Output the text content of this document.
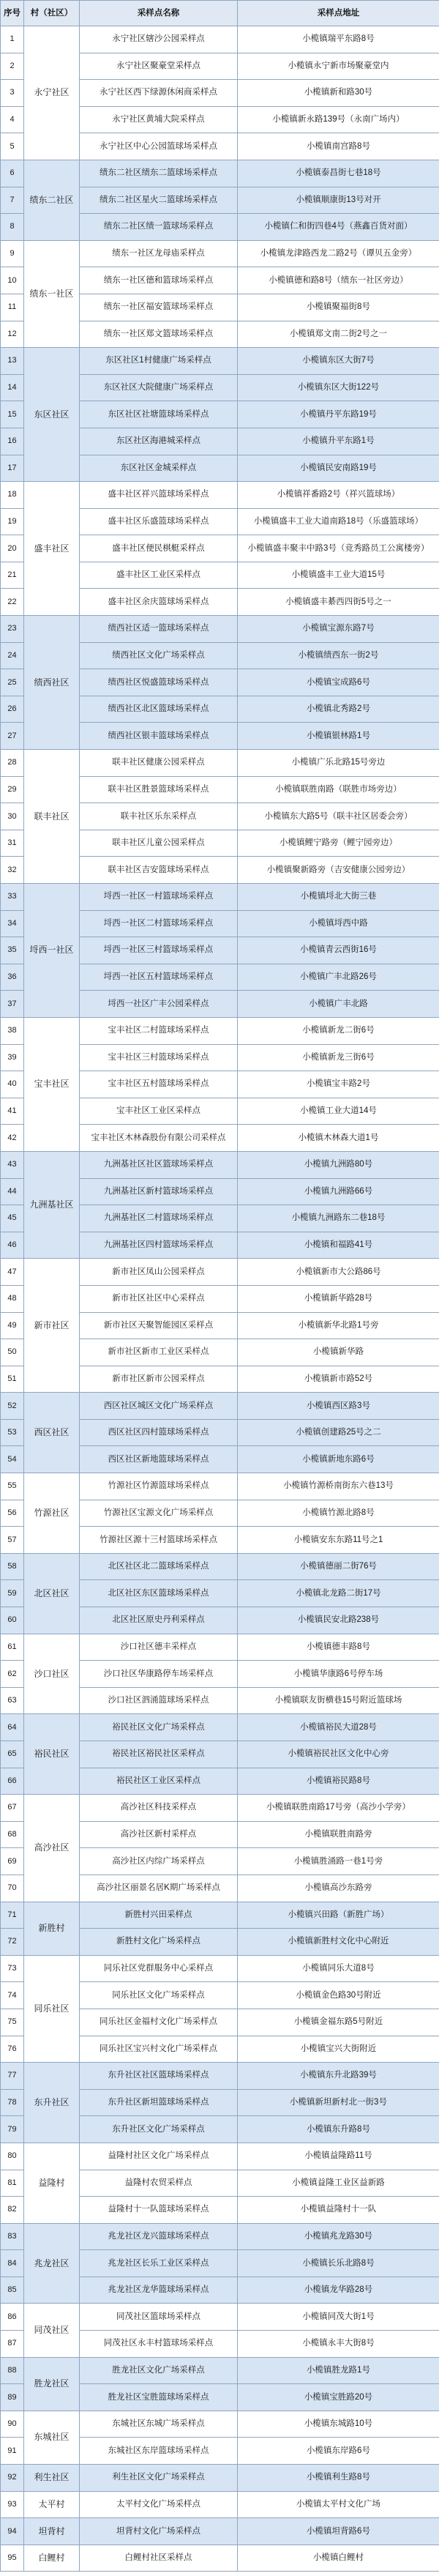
序号	村（社区）	采样点名称	采样点地址
1	永宁社区	永宁社区辖沙公园采样点	小榄镇瑞平东路8号
2		永宁社区聚豪堂采样点	小榄镇永宁新市场聚豪堂内
3		永宁社区西下绿源休闲商采样点	小榄镇新和路30号
4		永宁社区黄埔大院采样点	小榄镇新永路139号（永南广场内）
5		永宁社区中心公园篮球场采样点	小榄镇南宫路8号
6	绩东二社区	绩东二社区绩东二篮球场采样点	小榄镇泰昌街七巷18号
7		绩东二社区星火二篮球场采样点	小榄镇顺康街13号对开
8		绩东二社区绩一篮球场采样点	小榄镇仁和街四巷4号（燕鑫百货对面）
9	绩东一社区	绩东一社区龙母庙采样点	小榄镇龙津路西龙二路2号（谭贝五金旁）
10		绩东一社区德和篮球场采样点	小榄镇德和路8号（绩东一社区旁边）
11		绩东一社区福安篮球场采样点	小榄镇聚福街8号
12		绩东一社区郑文篮球场采样点	小榄镇郑文南二街2号之一
13	东区社区	东区社区1村健康广场采样点	小榄镇东区大街7号
14		东区社区大院健康广场采样点	小榄镇东区大街122号
15		东区社区社塘篮球场采样点	小榄镇丹平东路19号
16		东区社区海港城采样点	小榄镇升平东路1号
17		东区社区金城采样点	小榄镇民安南路19号
18	盛丰社区	盛丰社区祥兴篮球场采样点	小榄镇祥番路2号（祥兴篮球场）
19		盛丰社区乐盛篮球场采样点	小榄镇盛丰工业大道南路18号（乐盛篮球场）
20		盛丰社区便民棋艇采样点	小榄镇盛丰聚丰中路3号（竞秀路员工公寓楼旁）
21		盛丰社区工业区采样点	小榄镇盛丰工业大道15号
22		盛丰社区余庆篮球场采样点	小榄镇盛丰綦西四街5号之一
23	绩西社区	绩西社区适一篮球场采样点	小榄镇宝源东路7号
24		绩西社区文化广场采样点	小榄镇绩西东一街2号
25		绩西社区悦盛篮球场采样点	小榄镇宝成路6号
26		绩西社区北区篮球场采样点	小榄镇北秀路2号
27		绩西社区银丰篮球场采样点	小榄镇银林路1号
28	联丰社区	联丰社区健康公园采样点	小榄镇广乐北路15号旁边
29		联丰社区胜景篮球场采样点	小榄镇联胜南路（联胜市场旁边）
30		联丰社区乐东采样点	小榄镇东大路5号（联丰社区居委会旁）
31		联丰社区儿童公园采样点	小榄镇鲤宁路旁（鲤宁园旁边）
32		联丰社区吉安篮球场采样点	小榄镇聚新路旁（吉安健康公园旁边）
33	埒西一社区	埒西一社区一村篮球场采样点	小榄镇埒北大街三巷
34		埒西一社区二村篮球场采样点	小榄镇埒西中路
35		埒西一社区三村篮球场采样点	小榄镇青云西街16号
36		埒西一社区五村篮球场采样点	小榄镇广丰北路26号
37		埒西一社区广丰公园采样点	小榄镇广丰北路
38	宝丰社区	宝丰社区二村篮球场采样点	小榄镇新龙二街6号
39		宝丰社区三村篮球场采样点	小榄镇新龙三街6号
40		宝丰社区五村篮球场采样点	小榄镇宝丰路2号
41		宝丰社区工业区采样点	小榄镇工业大道14号
42		宝丰社区木林森股份有限公司采样点	小榄镇木林森大道1号
43	九洲基社区	九洲基社区社区篮球场采样点	小榄镇九洲路80号
44		九洲基社区新村篮球场采样点	小榄镇九洲路66号
45		九洲基社区二村篮球场采样点	小榄镇九洲路东二巷18号
46		九洲基社区四村篮球场采样点	小榄镇和福路41号
47	新市社区	新市社区凤山公园采样点	小榄镇新市大公路86号
48		新市社区社区中心采样点	小榄镇新华路28号
49		新市社区天聚智能园区采样点	小榄镇新华北路1号旁
50		新市社区新市工业区采样点	小榄镇新华路
51		新市社区新市公园采样点	小榄镇新市路52号
52	西区社区	西区社区城区文化广场采样点	小榄镇西区路3号
53		西区社区四村篮球场采样点	小榄镇创建路25号之二
54		西区社区新地篮球场采样点	小榄镇新地东路6号
55	竹源社区	竹源社区竹源篮球场采样点	小榄镇竹源桥南街东六巷13号
56		竹源社区宝源文化广场采样点	小榄镇竹源北路8号
57		竹源社区源十三村篮球场采样点	小榄镇安东东路11号之1
58	北区社区	北区社区北二篮球场采样点	小榄镇德丽二街76号
59		北区社区东区篮球场采样点	小榄镇北龙路二街17号
60		北区社区原史丹利采样点	小榄镇民安北路238号
61	沙口社区	沙口社区德丰采样点	小榄镇德丰路8号
62		沙口社区华康路停车场采样点	小榄镇华康路6号停车场
63		沙口社区泗涌篮球场采样点	小榄镇联友街横巷15号附近篮球场
64	裕民社区	裕民社区文化广场采样点	小榄镇裕民大道28号
65		裕民社区裕民社区采样点	小榄镇裕民社区文化中心旁
66		裕民社区工业区采样点	小榄镇裕民路8号
67	高沙社区	高沙社区科技采样点	小榄镇联胜南路17号旁（高沙小学旁）
68		高沙社区新村采样点	小榄镇联胜南路旁
69		高沙社区内综广场采样点	小榄镇胜涌路一巷1号旁
70		高沙社区丽景名居K期广场采样点	小榄镇高沙东路旁
71	新胜村	新胜村兴田采样点	小榄镇兴田路（新胜广场）
72		新胜村文化广场采样点	小榄镇新胜村文化中心附近
73	同乐社区	同乐社区党群服务中心采样点	小榄镇同乐大道8号
74		同乐社区文化广场采样点	小榄镇金色路30号附近
75		同乐社区金福村文化广场采样点	小榄镇金福东路5号附近
76		同乐社区宝兴村文化广场采样点	小榄镇宝兴大街附近
77	东升社区	东升社区社区篮球场采样点	小榄镇东升北路39号
78		东升社区新坦篮球场采样点	小榄镇新坦新村北一街3号
79		东升社区文化广场采样点	小榄镇东升路8号
80	益隆村	益隆村社区文化广场采样点	小榄镇益隆路11号
81		益隆村农贸采样点	小榄镇益隆工业区益新路
82		益隆村十一队篮球场采样点	小榄镇益隆村十一队
83	兆龙社区	兆龙社区龙兴篮球场采样点	小榄镇兆龙路30号
84		兆龙社区长乐工业区采样点	小榄镇长乐北路8号
85		兆龙社区龙华篮球场采样点	小榄镇龙华路28号
86	同茂社区	同茂社区篮球场采样点	小榄镇同茂大街1号
87		同茂社区永丰村篮球场采样点	小榄镇永丰大街8号
88	胜龙社区	胜龙社区文化广场采样点	小榄镇胜龙路1号
89		胜龙社区宝胜篮球场采样点	小榄镇宝胜路20号
90	东城社区	东城社区东城广场采样点	小榄镇东城路10号
91		东城社区东岸篮球场采样点	小榄镇东岸路6号
92	利生社区	利生社区文化广场采样点	小榄镇利生路8号
93	太平村	太平村文化广场采样点	小榄镇太平村文化广场
94	坦背村	坦背村文化广场采样点	小榄镇坦背路6号
95	白鲤村	白鲤村社区采样点	小榄镇白鲤村
